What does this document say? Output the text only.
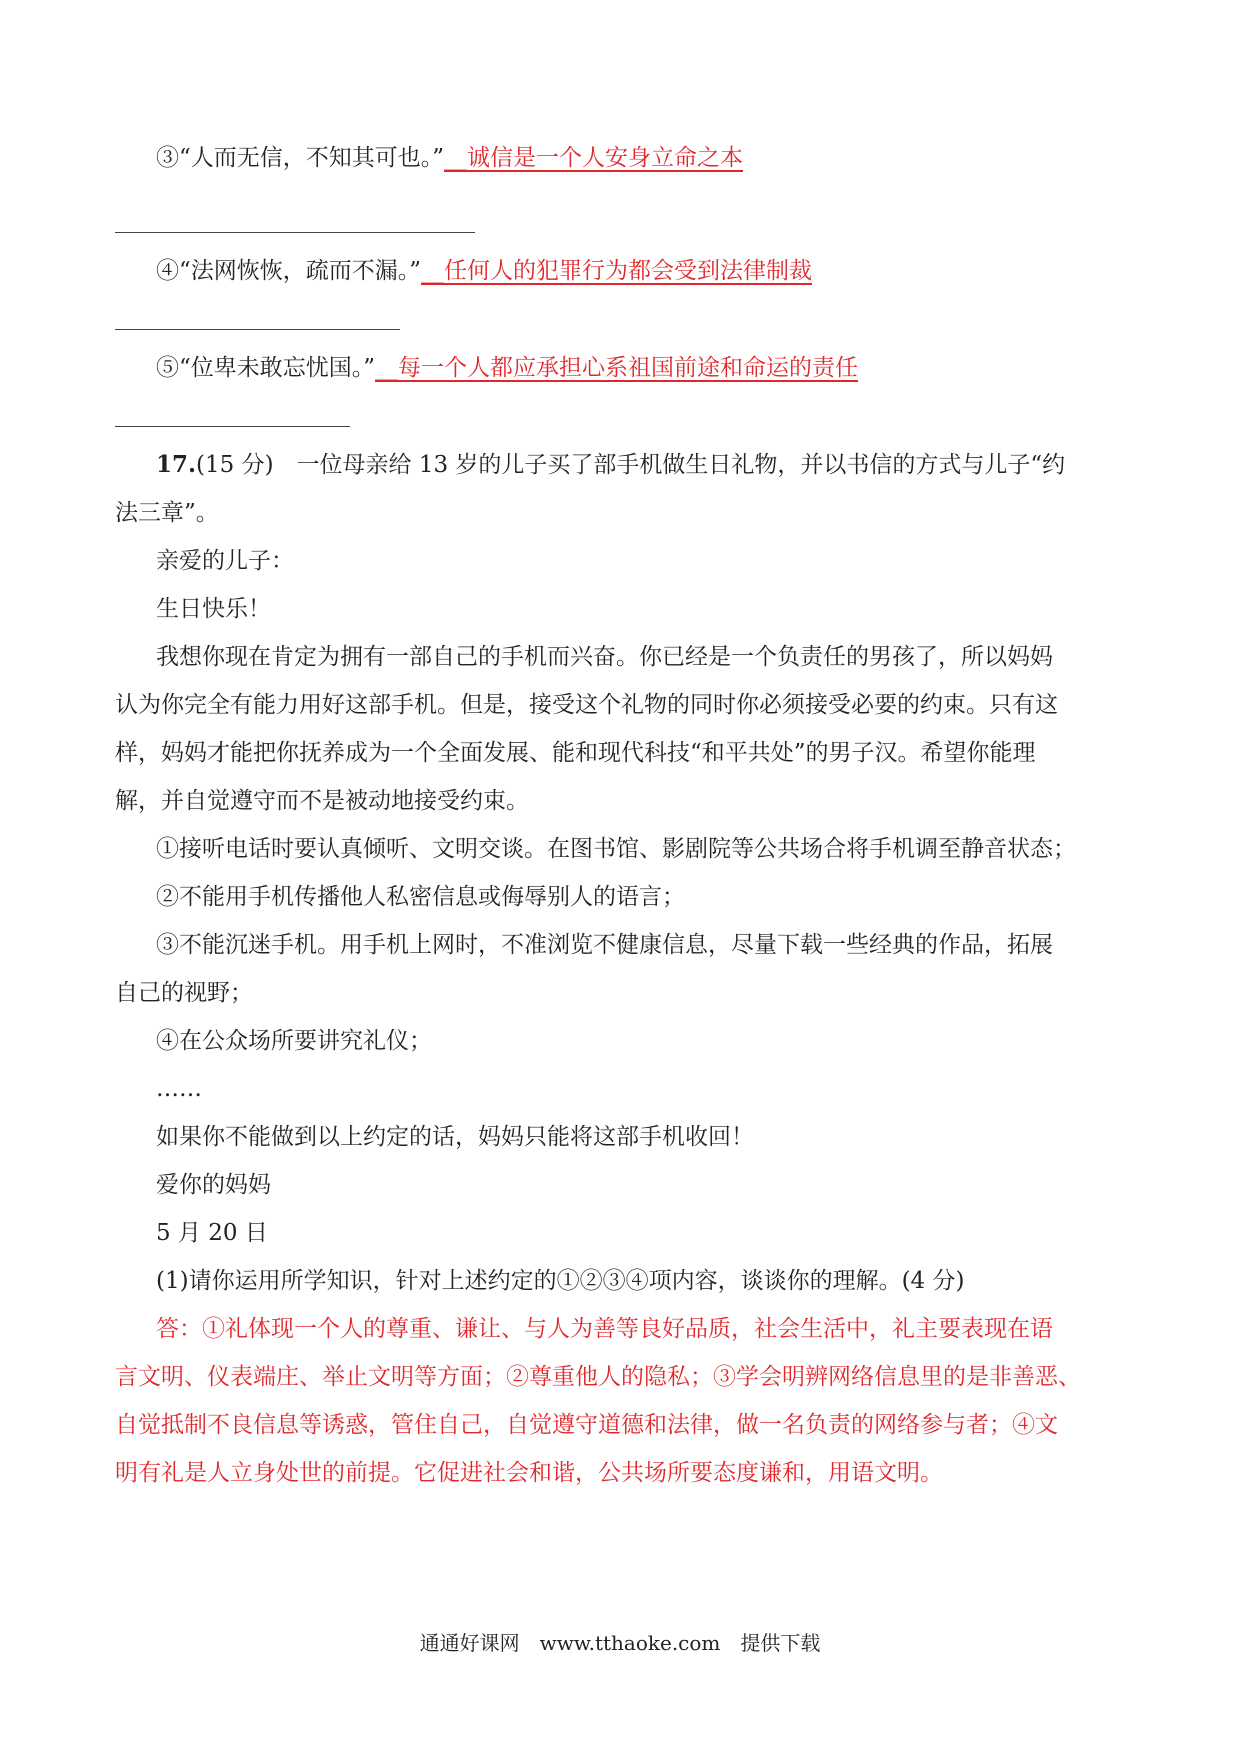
③“人而无信，不知其可也。”__诚信是一个人安身立命之本
④“法网恢恢，疏而不漏。”__任何人的犯罪行为都会受到法律制裁
⑤“位卑未敢忘忧国。”__每一个人都应承担心系祖国前途和命运的责任
17.(15 分)　一位母亲给 13 岁的儿子买了部手机做生日礼物，并以书信的方式与儿子“约
法三章”。
亲爱的儿子：
生日快乐！
我想你现在肯定为拥有一部自己的手机而兴奋。你已经是一个负责任的男孩了，所以妈妈
认为你完全有能力用好这部手机。但是，接受这个礼物的同时你必须接受必要的约束。只有这
样，妈妈才能把你抚养成为一个全面发展、能和现代科技“和平共处”的男子汉。希望你能理
解，并自觉遵守而不是被动地接受约束。
①接听电话时要认真倾听、文明交谈。在图书馆、影剧院等公共场合将手机调至静音状态；
②不能用手机传播他人私密信息或侮辱别人的语言；
③不能沉迷手机。用手机上网时，不准浏览不健康信息，尽量下载一些经典的作品，拓展
自己的视野；
④在公众场所要讲究礼仪；
……
如果你不能做到以上约定的话，妈妈只能将这部手机收回！
爱你的妈妈
5 月 20 日
(1)请你运用所学知识，针对上述约定的①②③④项内容，谈谈你的理解。(4 分)
答：①礼体现一个人的尊重、谦让、与人为善等良好品质，社会生活中，礼主要表现在语
言文明、仪表端庄、举止文明等方面；②尊重他人的隐私；③学会明辨网络信息里的是非善恶、
自觉抵制不良信息等诱惑，管住自己，自觉遵守道德和法律，做一名负责的网络参与者；④文
明有礼是人立身处世的前提。它促进社会和谐，公共场所要态度谦和，用语文明。
通通好课网　www.tthaoke.com　提供下载
